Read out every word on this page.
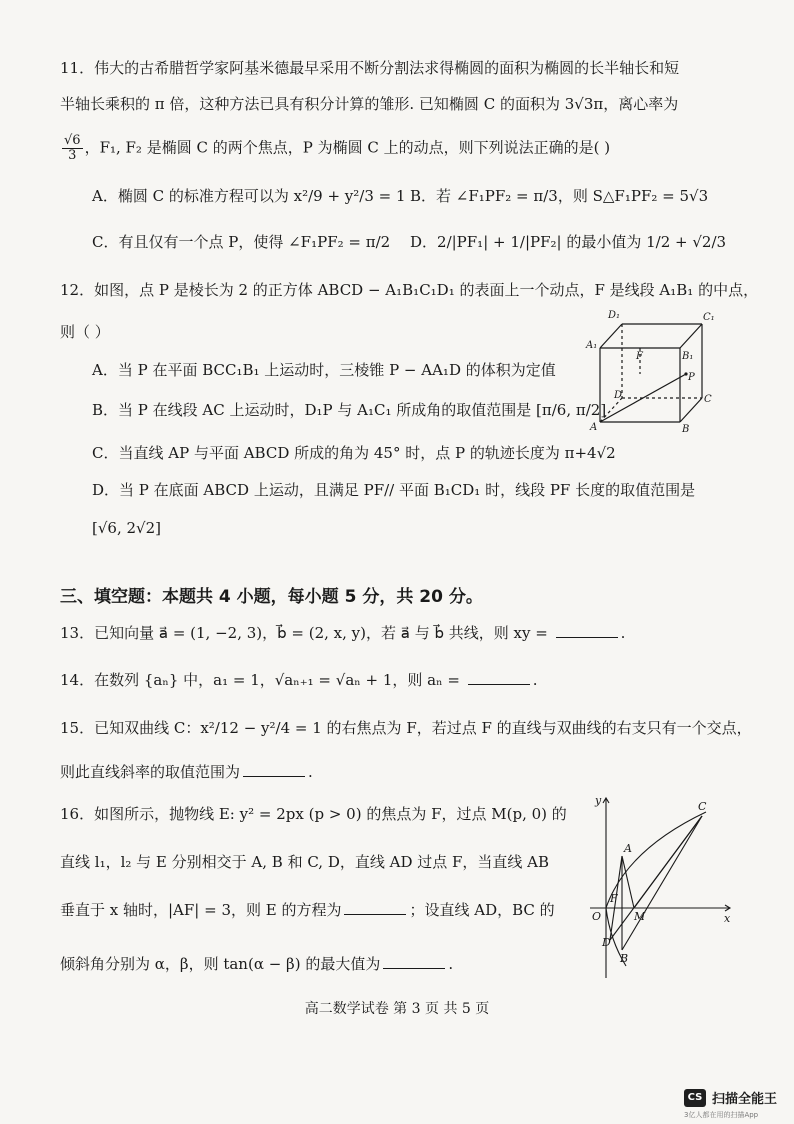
11．伟大的古希腊哲学家阿基米德最早采用不断分割法求得椭圆的面积为椭圆的长半轴长和短
半轴长乘积的 π 倍，这种方法已具有积分计算的雏形. 已知椭圆 C 的面积为 3√3π，离心率为
$\frac{√6}{3}$ ，F₁, F₂ 是椭圆 C 的两个焦点，P 为椭圆 C 上的动点，则下列说法正确的是( )
A．椭圆 C 的标准方程可以为 x²/9 + y²/3 = 1 B．若 ∠F₁PF₂ = π/3，则 S△F₁PF₂ = 5√3
C．有且仅有一个点 P，使得 ∠F₁PF₂ = π/2 D．2/|PF₁| + 1/|PF₂| 的最小值为 1/2 + √2/3
12．如图，点 P 是棱长为 2 的正方体 ABCD − A₁B₁C₁D₁ 的表面上一个动点，F 是线段 A₁B₁ 的中点，
则（ ）
A．当 P 在平面 BCC₁B₁ 上运动时，三棱锥 P − AA₁D 的体积为定值
B．当 P 在线段 AC 上运动时，D₁P 与 A₁C₁ 所成角的取值范围是 [π/6, π/2]
C．当直线 AP 与平面 ABCD 所成的角为 45° 时，点 P 的轨迹长度为 π+4√2
D．当 P 在底面 ABCD 上运动，且满足 PF// 平面 B₁CD₁ 时，线段 PF 长度的取值范围是
[√6, 2√2]
D₁	C₁
A₁
F	B₁
P
D	C
A	B
三、填空题：本题共 4 小题，每小题 5 分，共 20 分。
13．已知向量 a⃗ = (1, −2, 3)，b⃗ = (2, x, y)，若 a⃗ 与 b⃗ 共线，则 xy =	.
14．在数列 {aₙ} 中，a₁ = 1，√aₙ₊₁ = √aₙ + 1，则 aₙ =	.
15．已知双曲线 C：x²/12 − y²/4 = 1 的右焦点为 F，若过点 F 的直线与双曲线的右支只有一个交点，
则此直线斜率的取值范围为	.
16．如图所示，抛物线 E: y² = 2px (p > 0) 的焦点为 F，过点 M(p, 0) 的
直线 l₁，l₂ 与 E 分别相交于 A, B 和 C, D，直线 AD 过点 F，当直线 AB
垂直于 x 轴时，|AF| = 3，则 E 的方程为	；设直线 AD，BC 的
倾斜角分别为 α，β，则 tan(α − β) 的最大值为	.
y	C
A
F
O	M	x
D
B
高二数学试卷 第 3 页 共 5 页
CS 扫描全能王
3亿人都在用的扫描App
